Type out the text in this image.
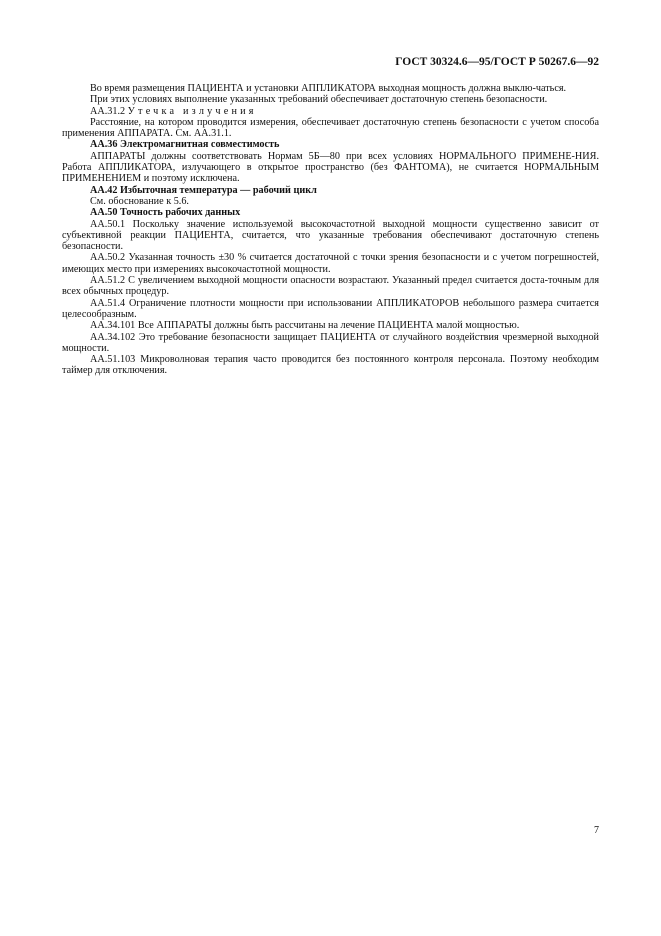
ГОСТ 30324.6—95/ГОСТ Р 50267.6—92

Во время размещения ПАЦИЕНТА и установки АППЛИКАТОРА выходная мощность должна выклю-чаться.

При этих условиях выполнение указанных требований обеспечивает достаточную степень безопасности.

АА.31.2 Утечка излучения

Расстояние, на котором проводится измерения, обеспечивает достаточную степень безопасности с учетом способа применения АППАРАТА. См. АА.31.1.

АА.36 Электромагнитная совместимость

АППАРАТЫ должны соответствовать Нормам 5Б—80 при всех условиях НОРМАЛЬНОГО ПРИМЕНЕ-НИЯ. Работа АППЛИКАТОРА, излучающего в открытое пространство (без ФАНТОМА), не считается НОРМАЛЬНЫМ ПРИМЕНЕНИЕМ и поэтому исключена.

АА.42 Избыточная температура — рабочий цикл

См. обоснование к 5.6.

АА.50 Точность рабочих данных

АА.50.1 Поскольку значение используемой высокочастотной выходной мощности существенно зависит от субъективной реакции ПАЦИЕНТА, считается, что указанные требования обеспечивают достаточную степень безопасности.

АА.50.2 Указанная точность ±30 % считается достаточной с точки зрения безопасности и с учетом погрешностей, имеющих место при измерениях высокочастотной мощности.

АА.51.2 С увеличением выходной мощности опасности возрастают. Указанный предел считается доста-точным для всех обычных процедур.

АА.51.4 Ограничение плотности мощности при использовании АППЛИКАТОРОВ небольшого размера считается целесообразным.

АА.34.101 Все АППАРАТЫ должны быть рассчитаны на лечение ПАЦИЕНТА малой мощностью.

АА.34.102 Это требование безопасности защищает ПАЦИЕНТА от случайного воздействия чрезмерной выходной мощности.

АА.51.103 Микроволновая терапия часто проводится без постоянного контроля персонала. Поэтому необходим таймер для отключения.

7
